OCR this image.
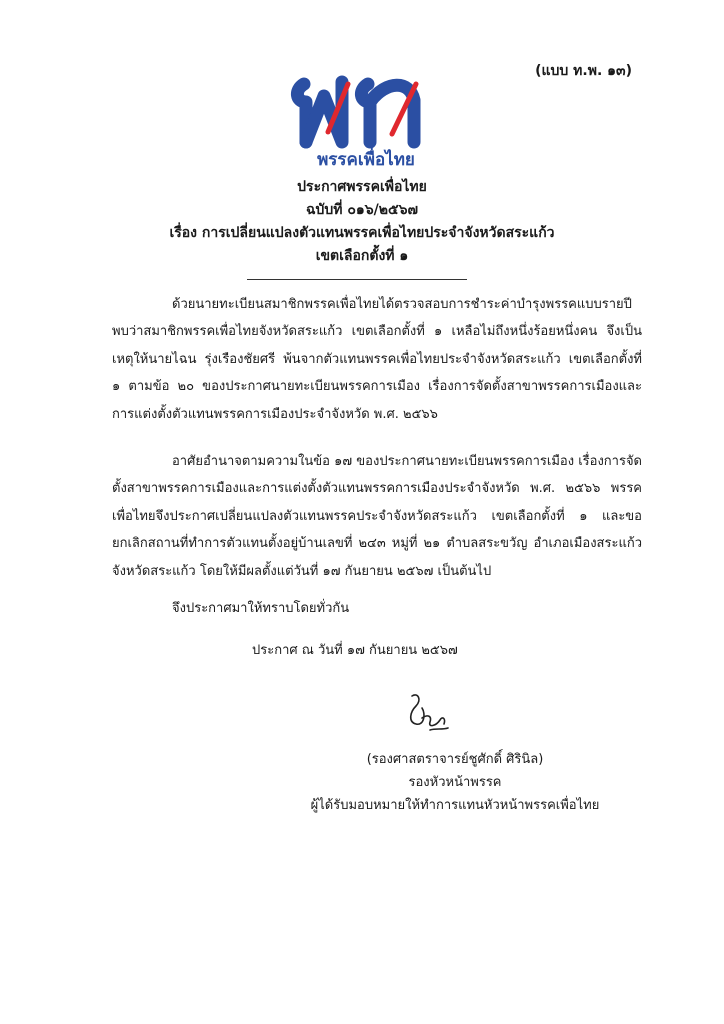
(แบบ ท.พ. ๑๓)
พรรคเพื่อไทย
ประกาศพรรคเพื่อไทย
ฉบับที่ ๐๑๖/๒๕๖๗
เรื่อง การเปลี่ยนแปลงตัวแทนพรรคเพื่อไทยประจำจังหวัดสระแก้ว
เขตเลือกตั้งที่ ๑

ด้วยนายทะเบียนสมาชิกพรรคเพื่อไทยได้ตรวจสอบการชำระค่าบำรุงพรรคแบบรายปีพบว่าสมาชิกพรรคเพื่อไทยจังหวัดสระแก้ว เขตเลือกตั้งที่ ๑ เหลือไม่ถึงหนึ่งร้อยหนึ่งคน จึงเป็นเหตุให้นายไฉน รุ่งเรืองชัยศรี พ้นจากตัวแทนพรรคเพื่อไทยประจำจังหวัดสระแก้ว เขตเลือกตั้งที่ ๑ ตามข้อ ๒๐ ของประกาศนายทะเบียนพรรคการเมือง เรื่องการจัดตั้งสาขาพรรคการเมืองและการแต่งตั้งตัวแทนพรรคการเมืองประจำจังหวัด พ.ศ. ๒๕๖๖

อาศัยอำนาจตามความในข้อ ๑๗ ของประกาศนายทะเบียนพรรคการเมือง เรื่องการจัดตั้งสาขาพรรคการเมืองและการแต่งตั้งตัวแทนพรรคการเมืองประจำจังหวัด พ.ศ. ๒๕๖๖ พรรคเพื่อไทยจึงประกาศเปลี่ยนแปลงตัวแทนพรรคประจำจังหวัดสระแก้ว เขตเลือกตั้งที่ ๑ และขอยกเลิกสถานที่ทำการตัวแทนตั้งอยู่บ้านเลขที่ ๒๔๓ หมู่ที่ ๒๑ ตำบลสระขวัญ อำเภอเมืองสระแก้ว จังหวัดสระแก้ว โดยให้มีผลตั้งแต่วันที่ ๑๗ กันยายน ๒๕๖๗ เป็นต้นไป

จึงประกาศมาให้ทราบโดยทั่วกัน

ประกาศ ณ วันที่ ๑๗ กันยายน ๒๕๖๗
(รองศาสตราจารย์ชูศักดิ์ ศิรินิล)
รองหัวหน้าพรรค
ผู้ได้รับมอบหมายให้ทำการแทนหัวหน้าพรรคเพื่อไทย
